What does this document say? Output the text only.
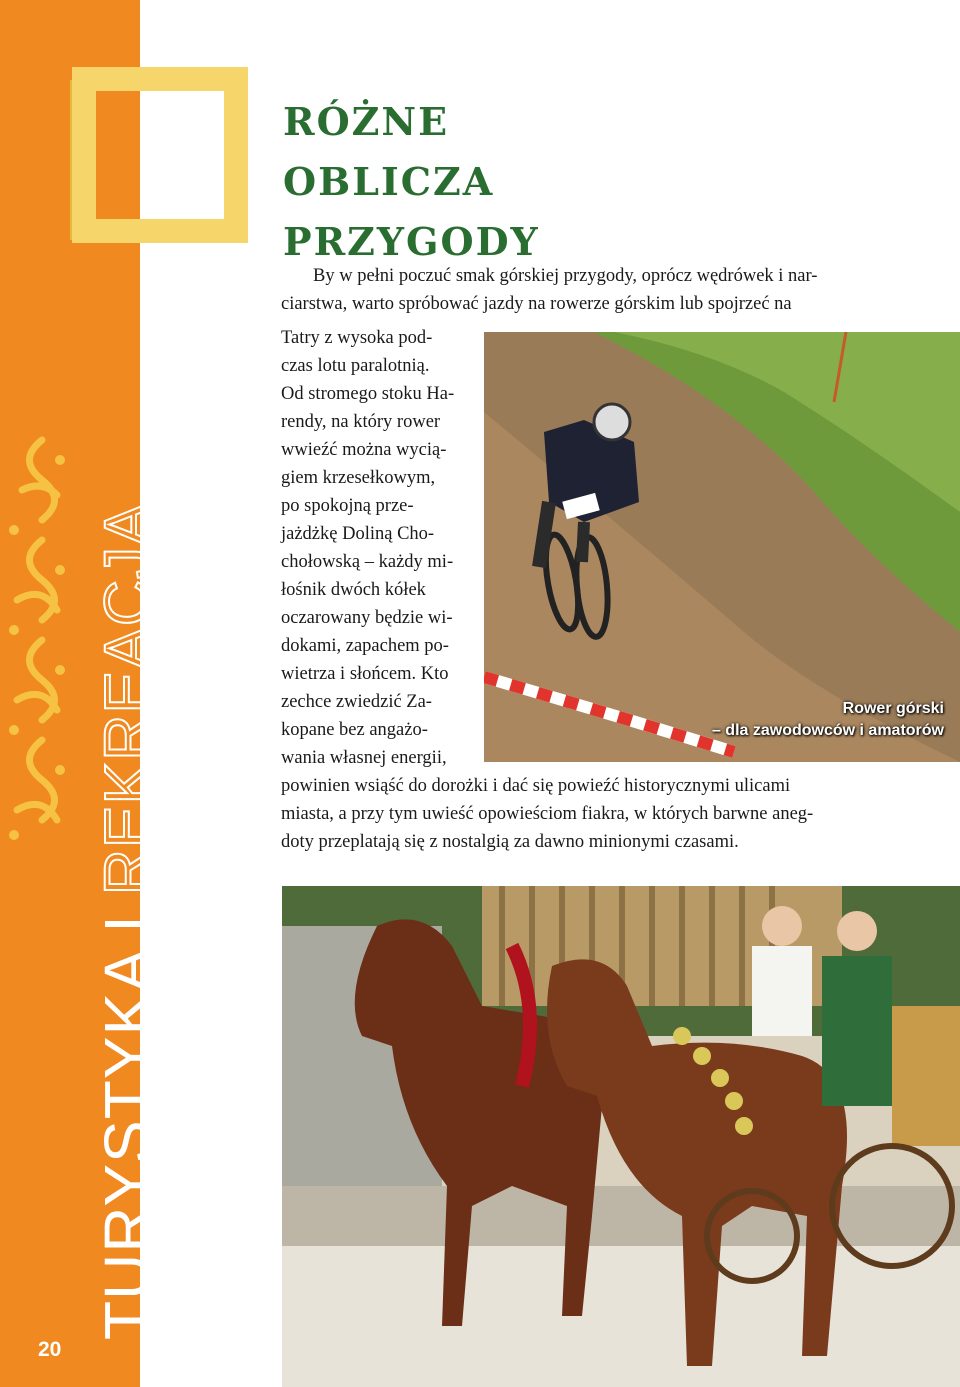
TURYSTYKA I REKREACJA
20
RÓŻNE
OBLICZA
PRZYGODY

By w pełni poczuć smak górskiej przygody, oprócz wędrówek i nar-

ciarstwa, warto spróbować jazdy na rowerze górskim lub spojrzeć na

Tatry z wysoka pod-

czas lotu paralotnią.

Od stromego stoku Ha-

rendy, na który rower

wwieźć można wycią-

giem krzesełkowym,

po spokojną prze-

jażdżkę Doliną Cho-

chołowską – każdy mi-

łośnik dwóch kółek

oczarowany będzie wi-

dokami, zapachem po-

wietrza i słońcem. Kto

zechce zwiedzić Za-

kopane bez angażo-

wania własnej energii,

powinien wsiąść do dorożki i dać się powieźć historycznymi ulicami

miasta, a przy tym uwieść opowieściom fiakra, w których barwne aneg-

doty przeplatają się z nostalgią za dawno minionymi czasami.

Rower górski
– dla zawodowców i amatorów
